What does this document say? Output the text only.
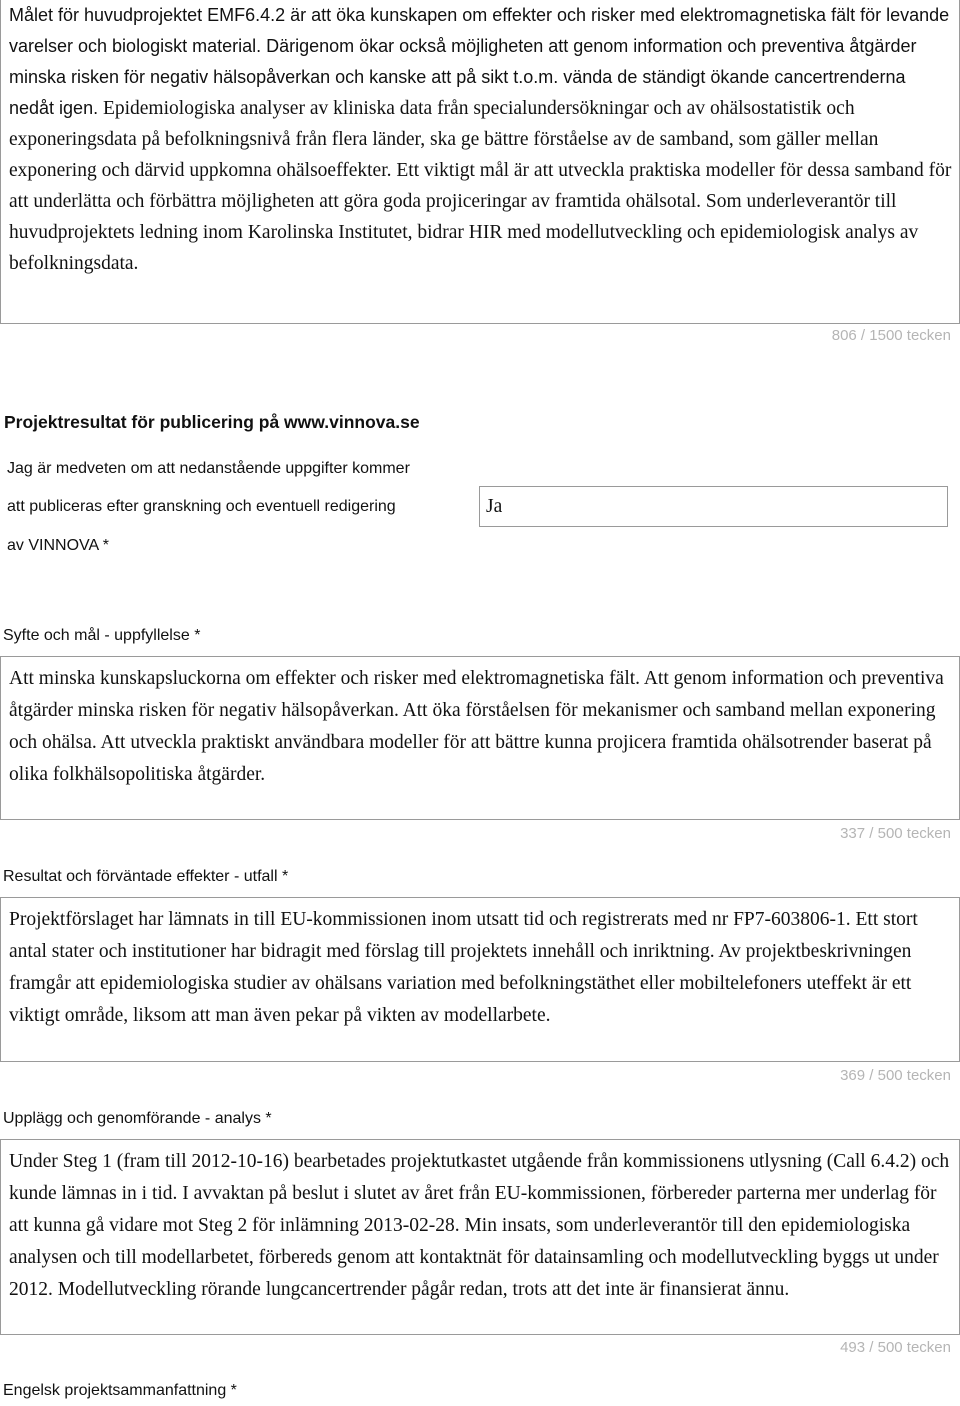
Målet för huvudprojektet EMF6.4.2 är att öka kunskapen om effekter och risker med elektromagnetiska fält för levande varelser och biologiskt material. Därigenom ökar också möjligheten att genom information och preventiva åtgärder minska risken för negativ hälsopåverkan och kanske att på sikt t.o.m. vända de ständigt ökande cancertrenderna nedåt igen. Epidemiologiska analyser av kliniska data från specialundersökningar och av ohälsostatistik och exponeringsdata på befolkningsnivå från flera länder, ska ge bättre förståelse av de samband, som gäller mellan exponering och därvid uppkomna ohälsoeffekter. Ett viktigt mål är att utveckla praktiska modeller för dessa samband för att underlätta och förbättra möjligheten att göra goda projiceringar av framtida ohälsotal. Som underleverantör till huvudprojektets ledning inom Karolinska Institutet, bidrar HIR med modellutveckling och epidemiologisk analys av befolkningsdata.

806 / 1500 tecken
Projektresultat för publicering på www.vinnova.se
Jag är medveten om att nedanstående uppgifter kommer
att publiceras efter granskning och eventuell redigering
av VINNOVA *
Ja
Syfte och mål - uppfyllelse *

Att minska kunskapsluckorna om effekter och risker med elektromagnetiska fält. Att genom information och preventiva åtgärder minska risken för negativ hälsopåverkan. Att öka förståelsen för mekanismer och samband mellan exponering och ohälsa. Att utveckla praktiskt användbara modeller för att bättre kunna projicera framtida ohälsotrender baserat på olika folkhälsopolitiska åtgärder.

337 / 500 tecken
Resultat och förväntade effekter - utfall *

Projektförslaget har lämnats in till EU-kommissionen inom utsatt tid och registrerats med nr FP7-603806-1. Ett stort antal stater och institutioner har bidragit med förslag till projektets innehåll och inriktning. Av projektbeskrivningen framgår att epidemiologiska studier av ohälsans variation med befolkningstäthet eller mobiltelefoners uteffekt är ett viktigt område, liksom att man även pekar på vikten av modellarbete.

369 / 500 tecken
Upplägg och genomförande - analys *

Under Steg 1 (fram till 2012-10-16) bearbetades projektutkastet utgående från kommissionens utlysning (Call 6.4.2) och kunde lämnas in i tid. I avvaktan på beslut i slutet av året från EU-kommissionen, förbereder parterna mer underlag för att kunna gå vidare mot Steg 2 för inlämning 2013-02-28. Min insats, som underleverantör till den epidemiologiska analysen och till modellarbetet, förbereds genom att kontaktnät för datainsamling och modellutveckling byggs ut under 2012. Modellutveckling rörande lungcancertrender pågår redan, trots att det inte är finansierat ännu.

493 / 500 tecken
Engelsk projektsammanfattning *
